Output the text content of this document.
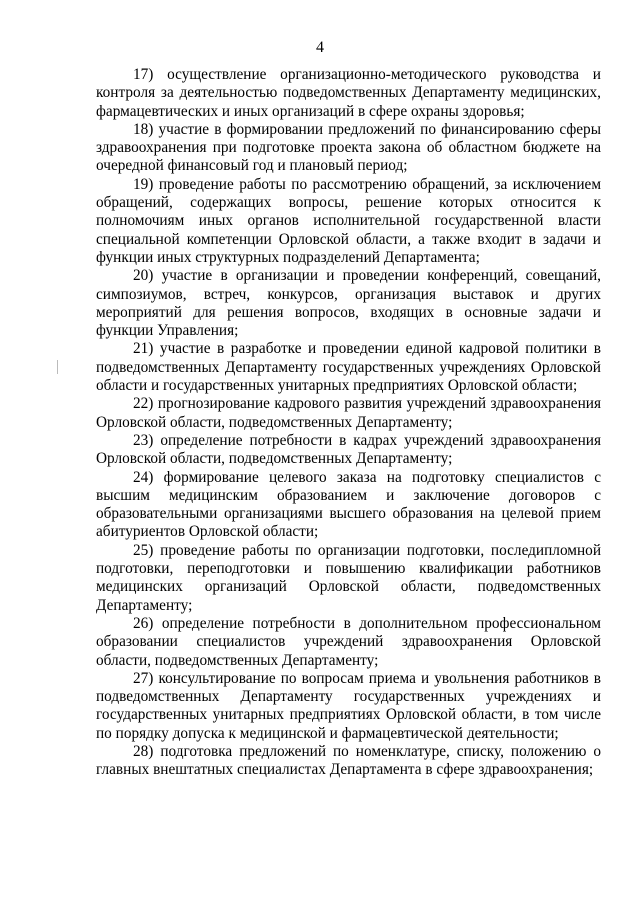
4

17) осуществление организационно-методического руководства и контроля за деятельностью подведомственных Департаменту медицинских, фармацевтических и иных организаций в сфере охраны здоровья;

18) участие в формировании предложений по финансированию сферы здравоохранения при подготовке проекта закона об областном бюджете на очередной финансовый год и плановый период;

19) проведение работы по рассмотрению обращений, за исключением обращений, содержащих вопросы, решение которых относится к полномочиям иных органов исполнительной государственной власти специальной компетенции Орловской области, а также входит в задачи и функции иных структурных подразделений Департамента;

20) участие в организации и проведении конференций, совещаний, симпозиумов, встреч, конкурсов, организация выставок и других мероприятий для решения вопросов, входящих в основные задачи и функции Управления;

21) участие в разработке и проведении единой кадровой политики в подведомственных Департаменту государственных учреждениях Орловской области и государственных унитарных предприятиях Орловской области;

22) прогнозирование кадрового развития учреждений здравоохранения Орловской области, подведомственных Департаменту;

23) определение потребности в кадрах учреждений здравоохранения Орловской области, подведомственных Департаменту;

24) формирование целевого заказа на подготовку специалистов с высшим медицинским образованием и заключение договоров с образовательными организациями высшего образования на целевой прием абитуриентов Орловской области;

25) проведение работы по организации подготовки, последипломной подготовки, переподготовки и повышению квалификации работников медицинских организаций Орловской области, подведомственных Департаменту;

26) определение потребности в дополнительном профессиональном образовании специалистов учреждений здравоохранения Орловской области, подведомственных Департаменту;

27) консультирование по вопросам приема и увольнения работников в подведомственных Департаменту государственных учреждениях и государственных унитарных предприятиях Орловской области, в том числе по порядку допуска к медицинской и фармацевтической деятельности;

28) подготовка предложений по номенклатуре, списку, положению о главных внештатных специалистах Департамента в сфере здравоохранения;
